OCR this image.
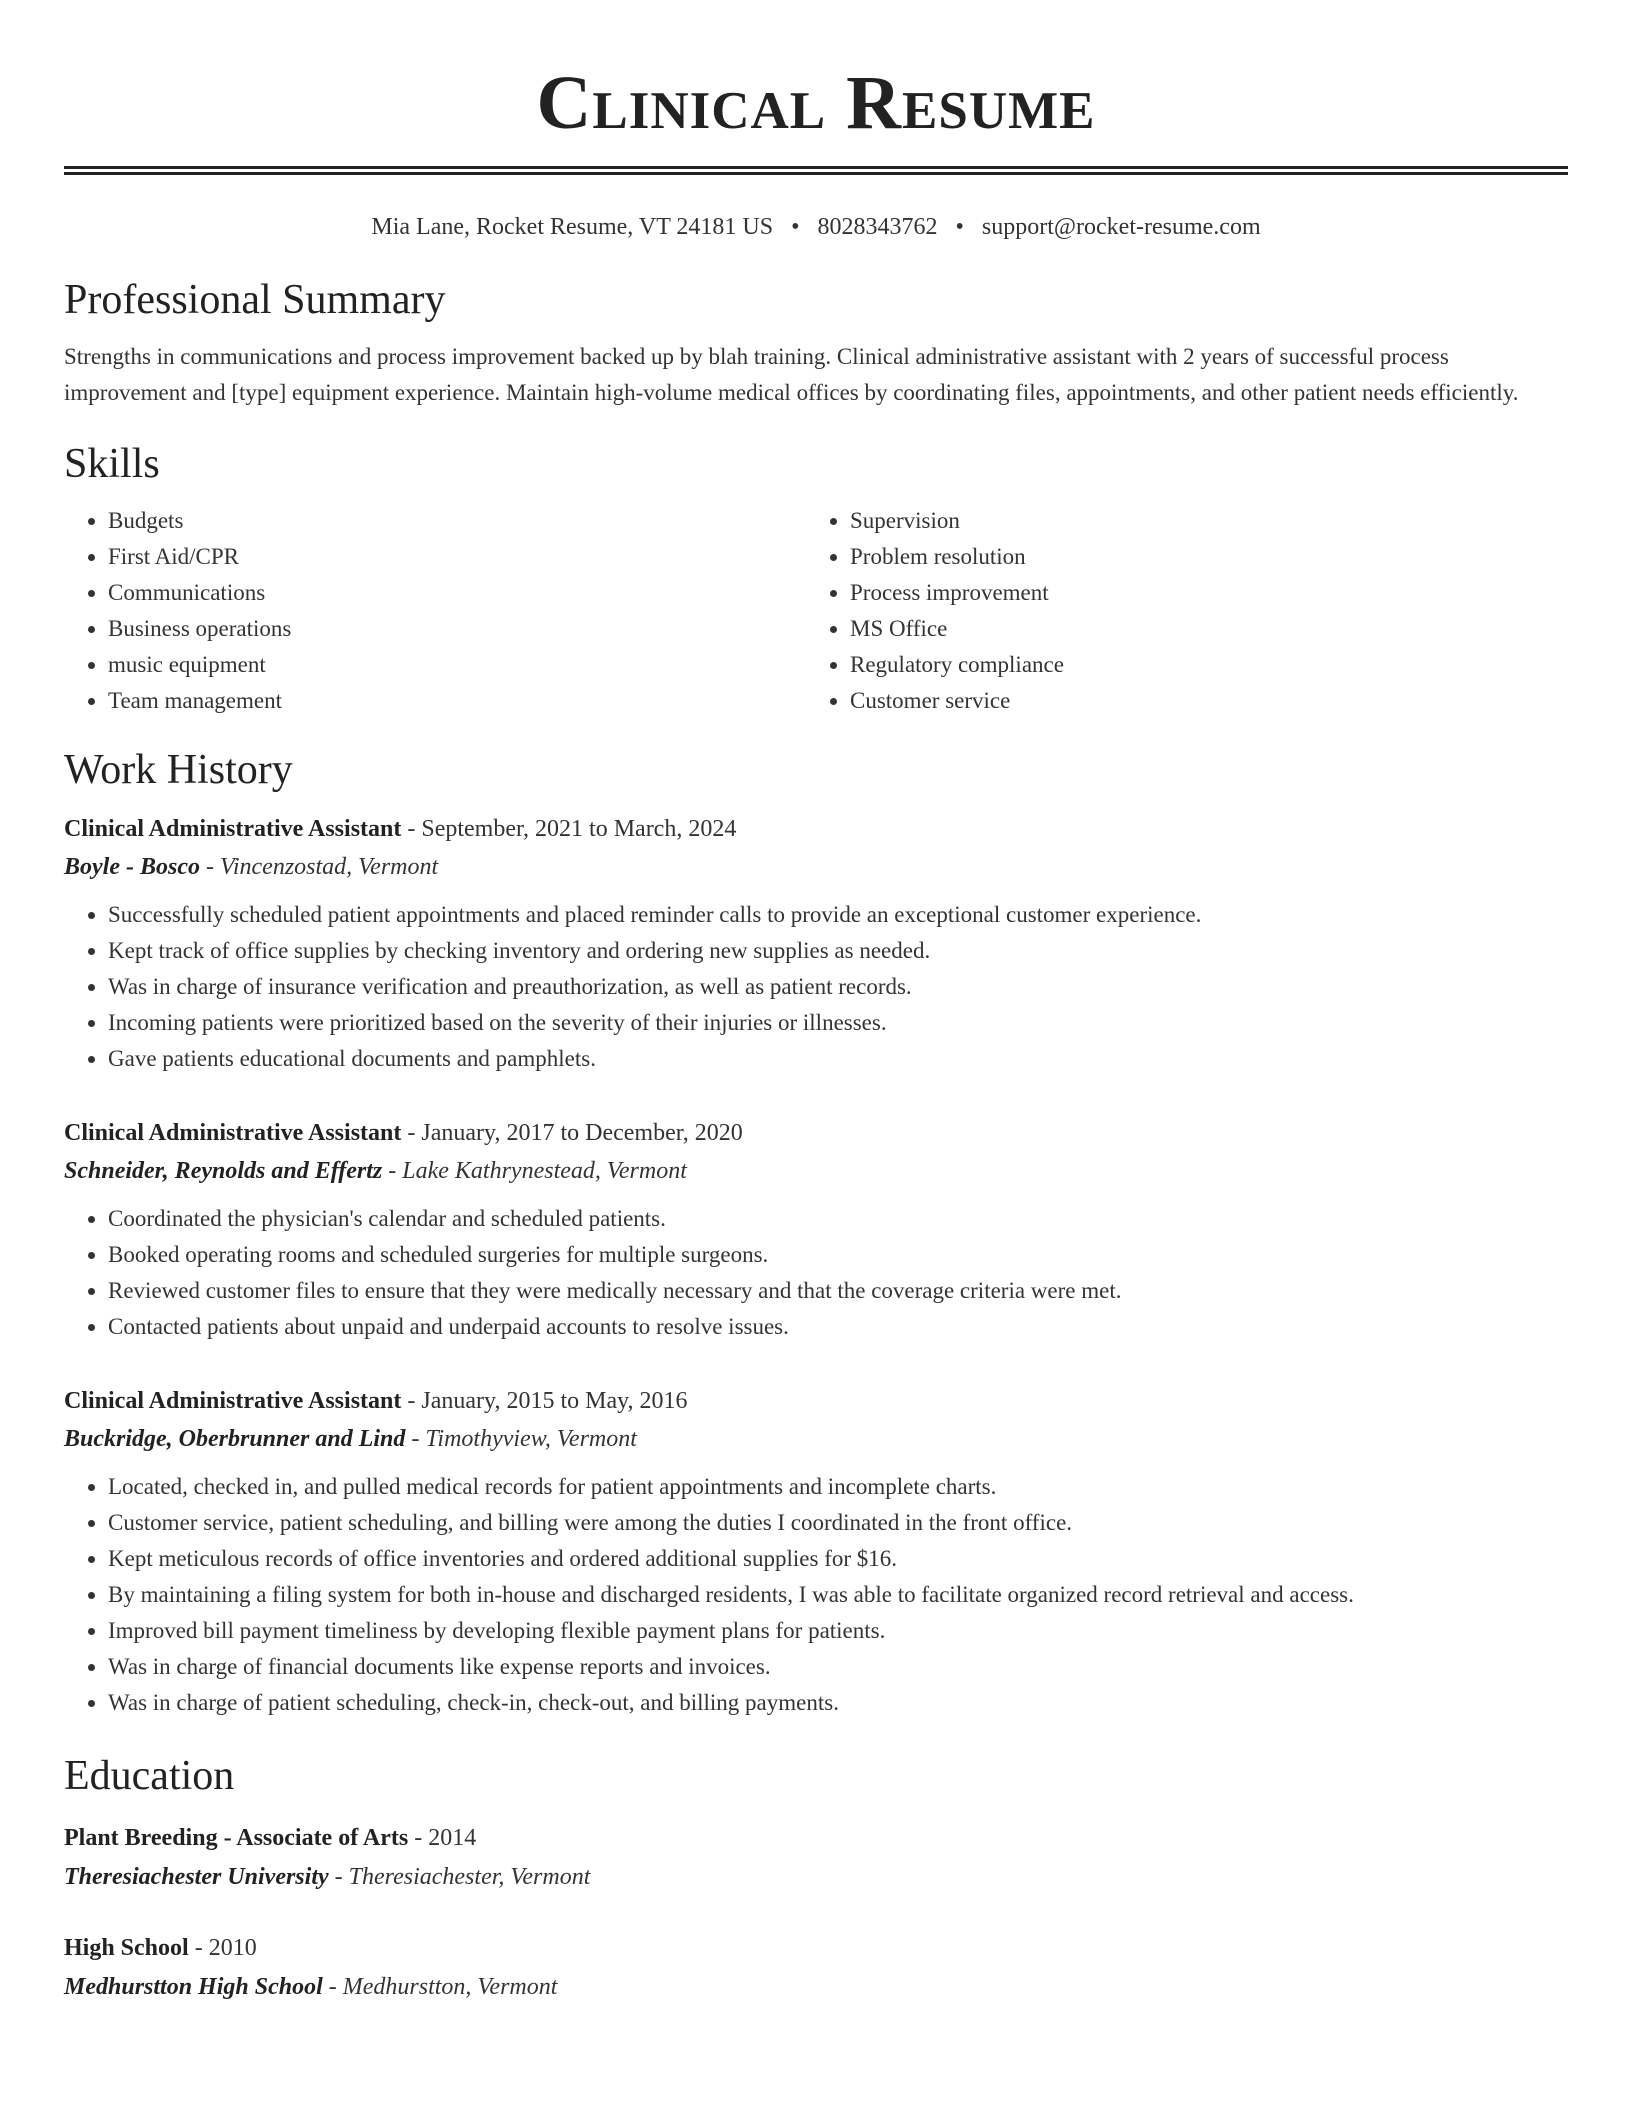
Clinical Resume
Mia Lane, Rocket Resume, VT 24181 US • 8028343762 • support@rocket-resume.com
Professional Summary

Strengths in communications and process improvement backed up by blah training. Clinical administrative assistant with 2 years of successful process improvement and [type] equipment experience. Maintain high-volume medical offices by coordinating files, appointments, and other patient needs efficiently.

Skills
• Budgets
• First Aid/CPR
• Communications
• Business operations
• music equipment
• Team management
• Supervision
• Problem resolution
• Process improvement
• MS Office
• Regulatory compliance
• Customer service
Work History
Clinical Administrative Assistant - September, 2021 to March, 2024
Boyle - Bosco - Vincenzostad, Vermont
• Successfully scheduled patient appointments and placed reminder calls to provide an exceptional customer experience.
• Kept track of office supplies by checking inventory and ordering new supplies as needed.
• Was in charge of insurance verification and preauthorization, as well as patient records.
• Incoming patients were prioritized based on the severity of their injuries or illnesses.
• Gave patients educational documents and pamphlets.
Clinical Administrative Assistant - January, 2017 to December, 2020
Schneider, Reynolds and Effertz - Lake Kathrynestead, Vermont
• Coordinated the physician's calendar and scheduled patients.
• Booked operating rooms and scheduled surgeries for multiple surgeons.
• Reviewed customer files to ensure that they were medically necessary and that the coverage criteria were met.
• Contacted patients about unpaid and underpaid accounts to resolve issues.
Clinical Administrative Assistant - January, 2015 to May, 2016
Buckridge, Oberbrunner and Lind - Timothyview, Vermont
• Located, checked in, and pulled medical records for patient appointments and incomplete charts.
• Customer service, patient scheduling, and billing were among the duties I coordinated in the front office.
• Kept meticulous records of office inventories and ordered additional supplies for $16.
• By maintaining a filing system for both in-house and discharged residents, I was able to facilitate organized record retrieval and access.
• Improved bill payment timeliness by developing flexible payment plans for patients.
• Was in charge of financial documents like expense reports and invoices.
• Was in charge of patient scheduling, check-in, check-out, and billing payments.
Education
Plant Breeding - Associate of Arts - 2014
Theresiachester University - Theresiachester, Vermont
High School - 2010
Medhurstton High School - Medhurstton, Vermont
